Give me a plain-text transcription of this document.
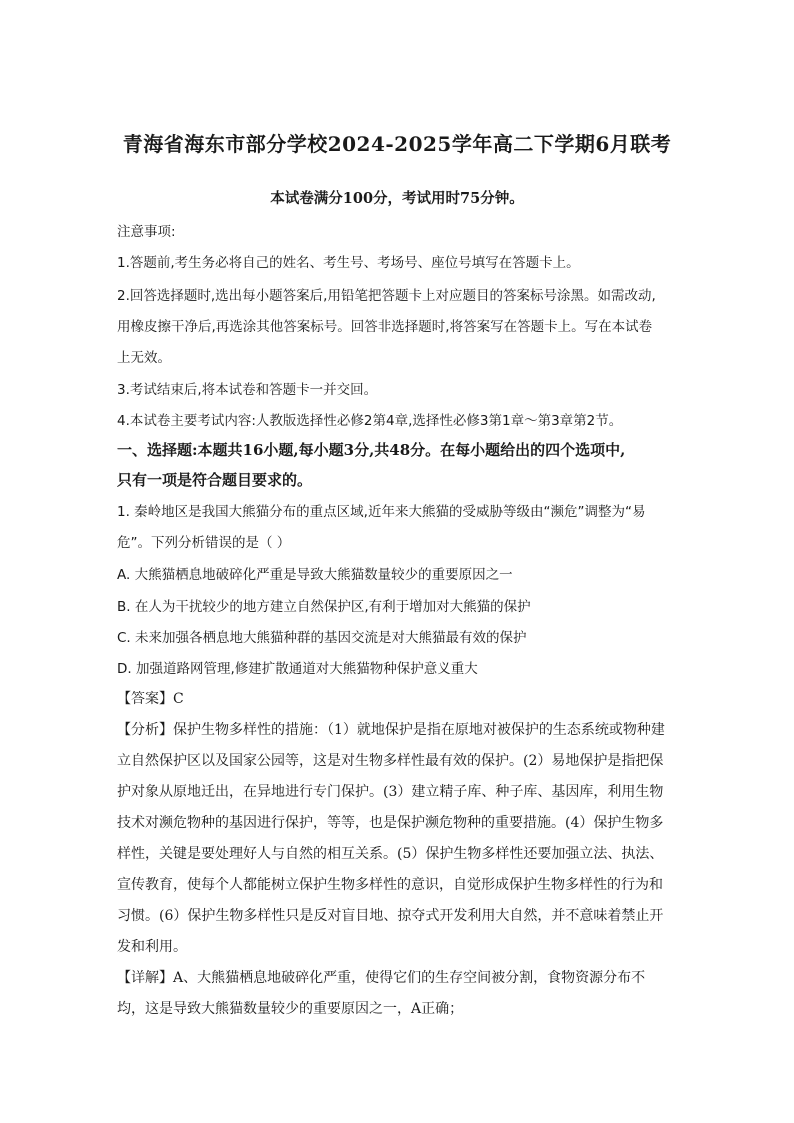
青海省海东市部分学校2024-2025学年高二下学期6月联考
本试卷满分100分，考试用时75分钟。
注意事项:
1.答题前,考生务必将自己的姓名、考生号、考场号、座位号填写在答题卡上。
2.回答选择题时,选出每小题答案后,用铅笔把答题卡上对应题目的答案标号涂黑。如需改动,
用橡皮擦干净后,再选涂其他答案标号。回答非选择题时,将答案写在答题卡上。写在本试卷
上无效。
3.考试结束后,将本试卷和答题卡一并交回。
4.本试卷主要考试内容:人教版选择性必修2第4章,选择性必修3第1章～第3章第2节。
一、选择题:本题共16小题,每小题3分,共48分。在每小题给出的四个选项中,
只有一项是符合题目要求的。
1. 秦岭地区是我国大熊猫分布的重点区域,近年来大熊猫的受威胁等级由“濒危”调整为“易
危”。下列分析错误的是（ ）
A. 大熊猫栖息地破碎化严重是导致大熊猫数量较少的重要原因之一
B. 在人为干扰较少的地方建立自然保护区,有利于增加对大熊猫的保护
C. 未来加强各栖息地大熊猫种群的基因交流是对大熊猫最有效的保护
D. 加强道路网管理,修建扩散通道对大熊猫物种保护意义重大
【答案】C
【分析】保护生物多样性的措施：（1）就地保护是指在原地对被保护的生态系统或物种建
立自然保护区以及国家公园等，这是对生物多样性最有效的保护。(2）易地保护是指把保
护对象从原地迁出，在异地进行专门保护。(3）建立精子库、种子库、基因库，利用生物
技术对濒危物种的基因进行保护，等等，也是保护濒危物种的重要措施。(4）保护生物多
样性，关键是要处理好人与自然的相互关系。(5）保护生物多样性还要加强立法、执法、
宣传教育，使每个人都能树立保护生物多样性的意识，自觉形成保护生物多样性的行为和
习惯。(6）保护生物多样性只是反对盲目地、掠夺式开发利用大自然，并不意味着禁止开
发和利用。
【详解】A、大熊猫栖息地破碎化严重，使得它们的生存空间被分割，食物资源分布不
均，这是导致大熊猫数量较少的重要原因之一，A正确；
